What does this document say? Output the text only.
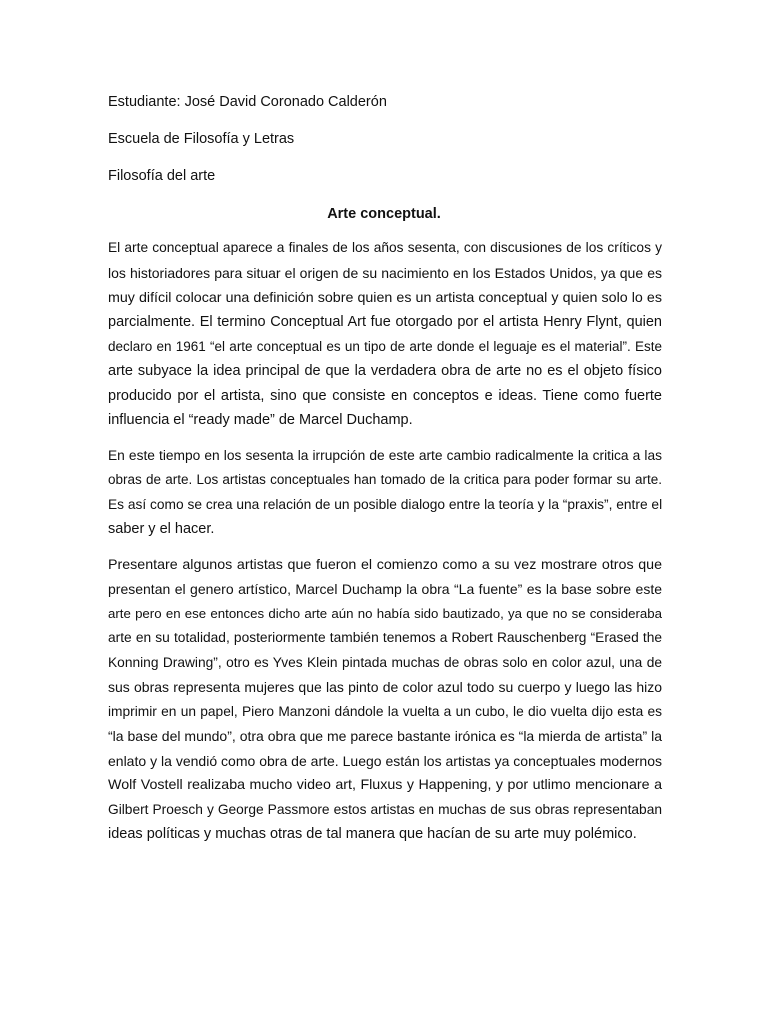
Estudiante: José David Coronado Calderón

Escuela de Filosofía y Letras

Filosofía del arte

Arte conceptual.

El arte conceptual aparece a finales de los años sesenta, con discusiones de los críticos y

los historiadores para situar el origen de su nacimiento en los Estados Unidos, ya que es

muy difícil colocar una definición sobre quien es un artista conceptual y quien solo lo es

parcialmente. El termino Conceptual Art fue otorgado por el artista Henry Flynt, quien

declaro en 1961 “el arte conceptual es un tipo de arte donde el leguaje es el material”. Este

arte subyace la idea principal de que la verdadera obra de arte no es el objeto físico

producido por el artista, sino que consiste en conceptos e ideas. Tiene como fuerte

influencia el “ready made” de Marcel Duchamp.

En este tiempo en los sesenta la irrupción de este arte cambio radicalmente la critica a las

obras de arte. Los artistas conceptuales han tomado de la critica para poder formar su arte.

Es así como se crea una relación de un posible dialogo entre la teoría y la “praxis”, entre el

saber y el hacer.

Presentare algunos artistas que fueron el comienzo como a su vez mostrare otros que

presentan el genero artístico, Marcel Duchamp la obra “La fuente” es la base sobre este

arte pero en ese entonces dicho arte aún no había sido bautizado, ya que no se consideraba

arte en su totalidad, posteriormente también tenemos a Robert Rauschenberg “Erased the

Konning Drawing”, otro es Yves Klein pintada muchas de obras solo en color azul, una de

sus obras representa mujeres que las pinto de color azul todo su cuerpo y luego las hizo

imprimir en un papel, Piero Manzoni dándole la vuelta a un cubo, le dio vuelta dijo esta es

“la base del mundo”, otra obra que me parece bastante irónica es “la mierda de artista” la

enlato y la vendió como obra de arte. Luego están los artistas ya conceptuales modernos

Wolf Vostell realizaba mucho video art, Fluxus y Happening, y por utlimo mencionare a

Gilbert Proesch y George Passmore estos artistas en muchas de sus obras representaban

ideas políticas y muchas otras de tal manera que hacían de su arte muy polémico.
